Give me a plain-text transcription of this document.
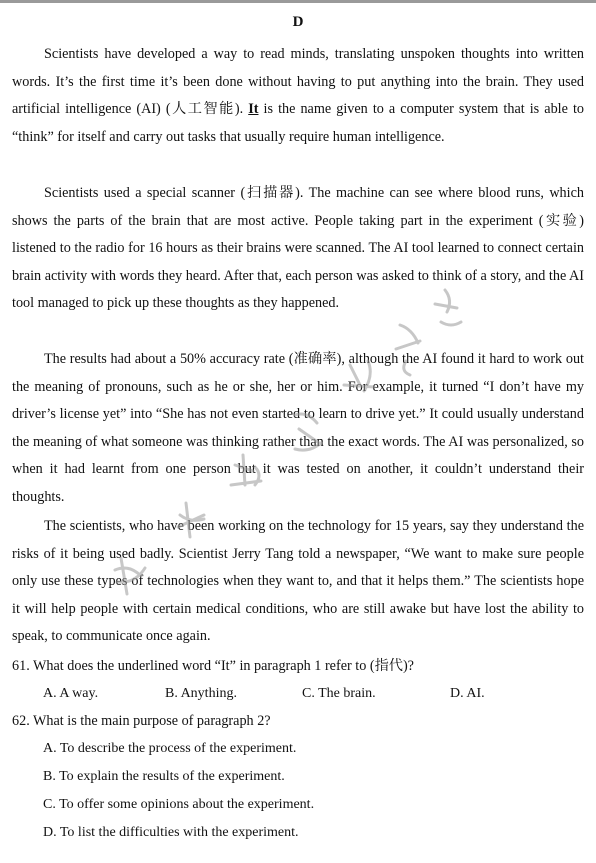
D

Scientists have developed a way to read minds, translating unspoken thoughts into written words. It’s the first time it’s been done without having to put anything into the brain. They used artificial intelligence (AI) (人工智能). It is the name given to a computer system that is able to “think” for itself and carry out tasks that usually require human intelligence.

Scientists used a special scanner (扫描器). The machine can see where blood runs, which shows the parts of the brain that are most active. People taking part in the experiment (实验) listened to the radio for 16 hours as their brains were scanned. The AI tool learned to connect certain brain activity with words they heard. After that, each person was asked to think of a story, and the AI tool managed to pick up these thoughts as they happened.

The results had about a 50% accuracy rate (准确率), although the AI found it hard to work out the meaning of pronouns, such as he or she, her or him. For example, it turned “I don’t have my driver’s license yet” into “She has not even started to learn to drive yet.” It could usually understand the meaning of what someone was thinking rather than the exact words. The AI was personalized, so when it had learnt from one person but it was tested on another, it couldn’t understand their thoughts.

The scientists, who have been working on the technology for 15 years, say they understand the risks of it being used badly. Scientist Jerry Tang told a newspaper, “We want to make sure people only use these types of technologies when they want to, and that it helps them.” The scientists hope it will help people with certain medical conditions, who are still awake but have lost the ability to speak, to communicate once again.

61. What does the underlined word “It” in paragraph 1 refer to (指代)?
A. A way.	B. Anything.	C. The brain.	D. AI.
62. What is the main purpose of paragraph 2?
A. To describe the process of the experiment.
B. To explain the results of the experiment.
C. To offer some opinions about the experiment.
D. To list the difficulties with the experiment.
